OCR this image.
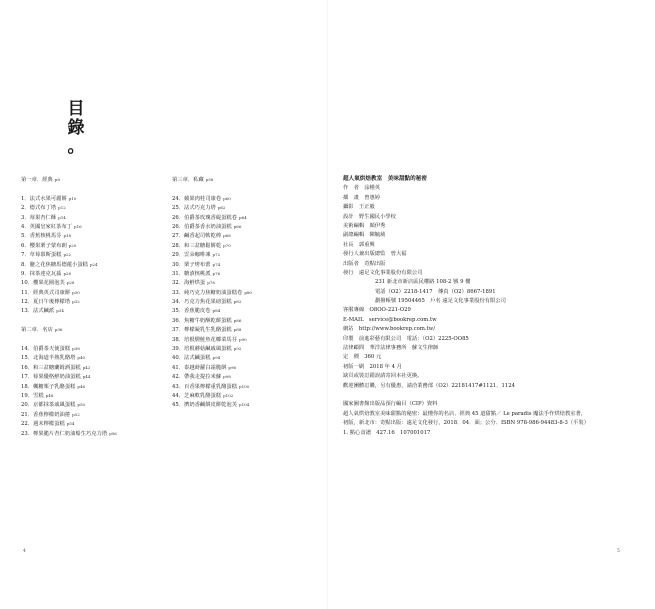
目
錄
。
第一章．經典 p8
1．法式水果可麗餅 p10
2．德式布丁塔 p12
3．莓果杏仁酥 p14
4．英國皇家紅茶布丁 p16
5．香蕉核桃馬芬 p18
6．櫻果栗子蒙布朗 p20
7．草莓慕斯蛋糕 p22
8．鹽之花焦糖馬德蓮小蛋糕 p24
9．抹茶達克瓦茲 p26
10．櫻果花圈泡芙 p28
11．經典英式司康餅 p30
12．夏日午後檸檬塔 p32
13．法式鹹派 p34
第二章．名店 p36
14．伯爵茶天使蛋糕 p38
15．北海道半熟乳酪塔 p40
16．和三盆糖蘭姆酒蛋糕 p42
17．莓果優格鮮奶油蛋糕 p44
18．楓糖栗子乳酪蛋糕 p46
19．雪糕 p48
20．京都抹茶戚風蛋糕 p50
21．香蕉檸檬奶油捲 p52
22．週末檸檬蛋糕 p54
23．檸果脆片杏仁奶油船生巧克力塔 p56
第三章．私藏 p58
24．蘋果肉桂司康卷 p60
25．法式巧克力塔 p62
26．伯爵茶玫瑰香緹蛋糕卷 p64
26．伯爵茶香水奶油蛋糕 p66
27．鹹香起司軟乾棒 p68
28．和三盆糖鬆餅乾 p70
29．雲朵咖啡凍 p72
30．栗子烤布蕾 p74
31．糖漬核桃派 p76
32．海鮮烘蛋 p78
33．純巧克力焦糖奶油蛋糕卷 p80
34．巧克力焦花果磅蛋糕 p82
35．香蕉脆皮卷 p84
36．焦糖牛奶酥乾餅蛋糕 p86
37．檸檬凝乳生乳酪蛋糕 p88
38．培根燻鮭魚花椰菜馬芬 p90
39．培根蘑菇鹹戚風蛋糕 p92
40．法式鹹蛋糕 p94
41．泰越蒔蘿白霜脆餅 p96
42．帶我走提拉米蘇 p98
43．百香果檸檬重乳酪蛋糕 p100
44．芝麻軟乳酪蛋糕 p102
45．擠奶香鹹餅皮餅乾泡芙 p104
超人氣烘焙教室　美味甜點的秘密
作　者　涂槿英
插　畫　曾惠婷
攝影　王正毅
設計　野生國民小學校
美術編輯　顏伊秀
副總編輯　陳毓葳
社長　郭重興
發行人兼出版總監　曾大福
出版者　奇點出版
發行　遠足文化事業股份有限公司
231 新北市新店區民權路 108-2 號 9 樓
電話（O2）2218-1417　傳真（O2）8667-1891
劃撥帳號 19504465　戶名 遠足文化事業股份有限公司
客服專線　O8OO-221-O29
E-MAIL　service@bookrep.com.tw
網站　http://www.bookrep.com.tw/
印製　前進彩藝有限公司　電話：（O2）2225-OO85
法律顧問　華洋法律事務所　蘇文生律師
定　價　360 元
初版一刷　2018 年 4 月
缺頁或裝訂錯誤請寄回本社更換。
歡迎團體訂購，另有優惠，請洽業務部（O2）22181417#1121、1124
國家圖書館出版品預行編目（CIP）資料
超人氣烘焙教室美味甜點的秘密：最懂你的名店、經典 45 道甜點／ Le paradis 魔法手作烘焙教室著，
初版，新北市：奇點出版：遠足文化發行，2018．04．面；公分．ISBN 978-986-94483-8-3（平裝）
1. 點心食譜　427.16　107001017
4	5
